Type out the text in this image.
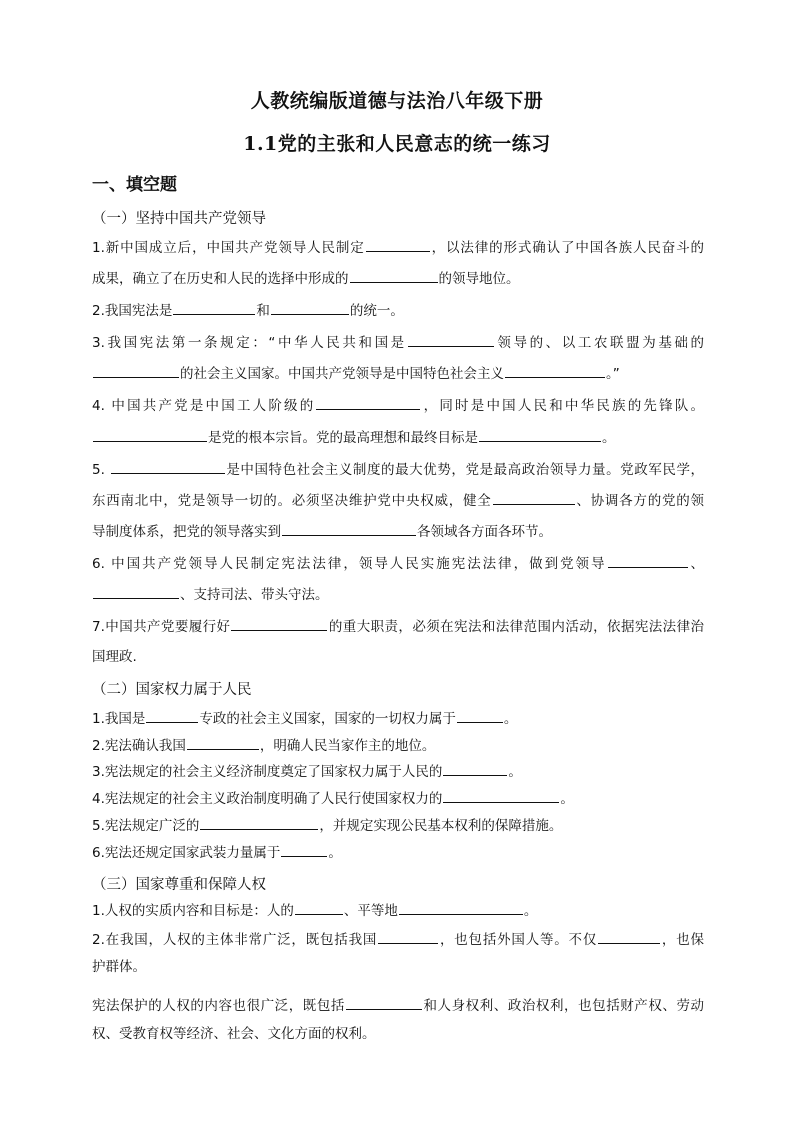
人教统编版道德与法治八年级下册
1.1党的主张和人民意志的统一练习
一、填空题
（一）坚持中国共产党领导
1.新中国成立后，中国共产党领导人民制定	，以法律的形式确认了中国各族人民奋斗的
成果，确立了在历史和人民的选择中形成的	的领导地位。
2.我国宪法是	和	的统一。
3.我国宪法第一条规定：“中华人民共和国是	领导的、以工农联盟为基础的
的社会主义国家。中国共产党领导是中国特色社会主义	。”
4. 中国共产党是中国工人阶级的	，同时是中国人民和中华民族的先锋队。
是党的根本宗旨。党的最高理想和最终目标是	。
5.	是中国特色社会主义制度的最大优势，党是最高政治领导力量。党政军民学，
东西南北中，党是领导一切的。必须坚决维护党中央权威，健全	、协调各方的党的领
导制度体系，把党的领导落实到	各领域各方面各环节。
6. 中国共产党领导人民制定宪法法律，领导人民实施宪法法律，做到党领导	、
、支持司法、带头守法。
7.中国共产党要履行好	的重大职责，必须在宪法和法律范围内活动，依据宪法法律治
国理政.
（二）国家权力属于人民
1.我国是	专政的社会主义国家，国家的一切权力属于	。
2.宪法确认我国	，明确人民当家作主的地位。
3.宪法规定的社会主义经济制度奠定了国家权力属于人民的	。
4.宪法规定的社会主义政治制度明确了人民行使国家权力的	。
5.宪法规定广泛的	，并规定实现公民基本权利的保障措施。
6.宪法还规定国家武装力量属于	。
（三）国家尊重和保障人权
1.人权的实质内容和目标是：人的	、平等地	。
2.在我国，人权的主体非常广泛，既包括我国	，也包括外国人等。不仅	，也保
护群体。
宪法保护的人权的内容也很广泛，既包括	和人身权利、政治权利，也包括财产权、劳动
权、受教育权等经济、社会、文化方面的权利。
